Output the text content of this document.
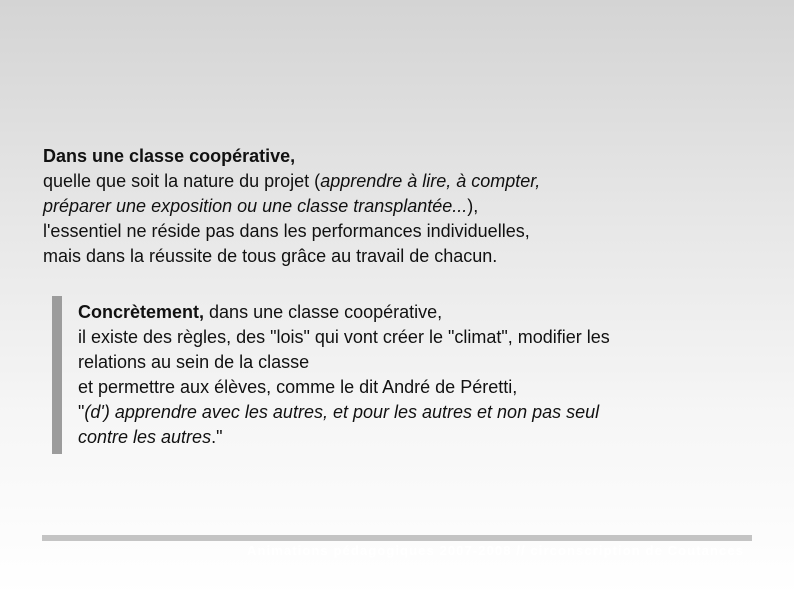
Dans une classe coopérative,
quelle que soit la nature du projet (apprendre à lire, à compter,
préparer une exposition ou une classe transplantée...),
l'essentiel ne réside pas dans les performances individuelles,
mais dans la réussite de tous grâce au travail de chacun.
Concrètement, dans une classe coopérative,
il existe des règles, des "lois" qui vont créer le "climat", modifier les
relations au sein de la classe
et permettre aux élèves, comme le dit André de Péretti,
"(d') apprendre avec les autres, et pour les autres et non pas seul
contre les autres."
Animations pédagogiques 2007-2008 // circonscription de Coutances
